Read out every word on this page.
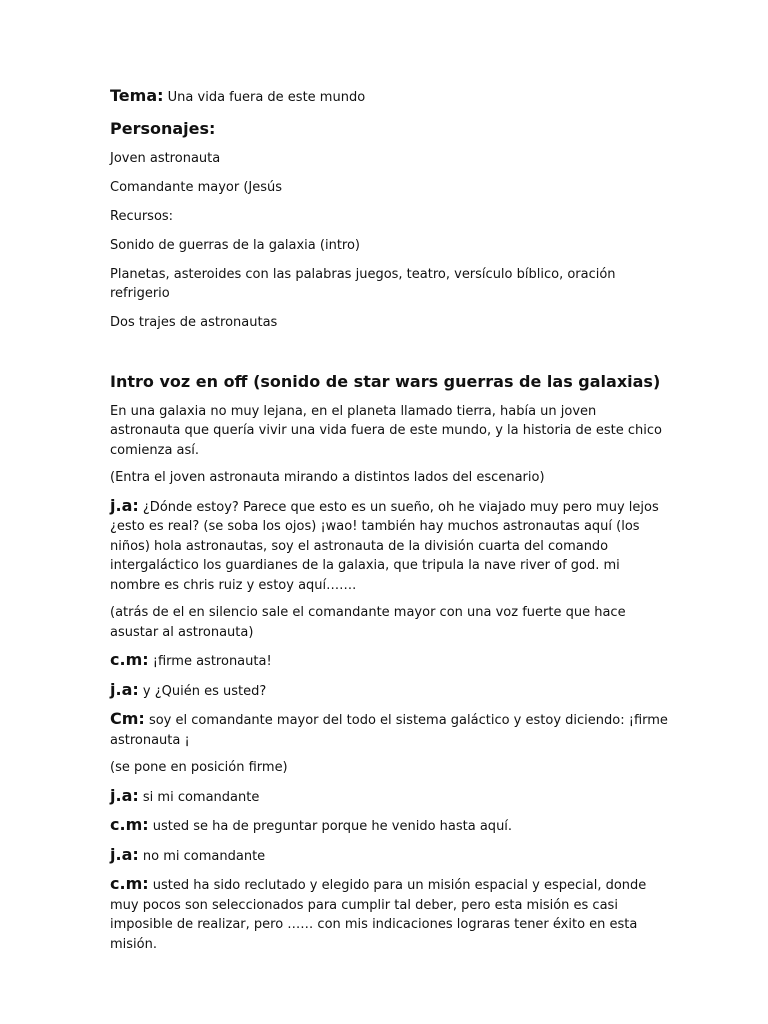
Tema: Una vida fuera de este mundo

Personajes:

Joven astronauta

Comandante mayor (Jesús

Recursos:

Sonido de guerras de la galaxia (intro)

Planetas, asteroides con las palabras juegos, teatro, versículo bíblico, oración refrigerio

Dos trajes de astronautas

Intro voz en off (sonido de star wars guerras de las galaxias)

En una galaxia no muy lejana, en el planeta llamado tierra, había un joven astronauta que quería vivir una vida fuera de este mundo, y la historia de este chico comienza así.

(Entra el joven astronauta mirando a distintos lados del escenario)

j.a: ¿Dónde estoy? Parece que esto es un sueño, oh he viajado muy pero muy lejos ¿esto es real? (se soba los ojos) ¡wao! también hay muchos astronautas aquí (los niños) hola astronautas, soy el astronauta de la división cuarta del comando intergaláctico los guardianes de la galaxia, que tripula la nave river of god. mi nombre es chris ruiz y estoy aquí…….

(atrás de el en silencio sale el comandante mayor con una voz fuerte que hace asustar al astronauta)

c.m: ¡firme astronauta!

j.a: y ¿Quién es usted?

Cm: soy el comandante mayor del todo el sistema galáctico y estoy diciendo: ¡firme astronauta ¡

(se pone en posición firme)

j.a: si mi comandante

c.m: usted se ha de preguntar porque he venido hasta aquí.

j.a: no mi comandante

c.m: usted ha sido reclutado y elegido para un misión espacial y especial, donde muy pocos son seleccionados para cumplir tal deber, pero esta misión es casi imposible de realizar, pero …… con mis indicaciones lograras tener éxito en esta misión.
